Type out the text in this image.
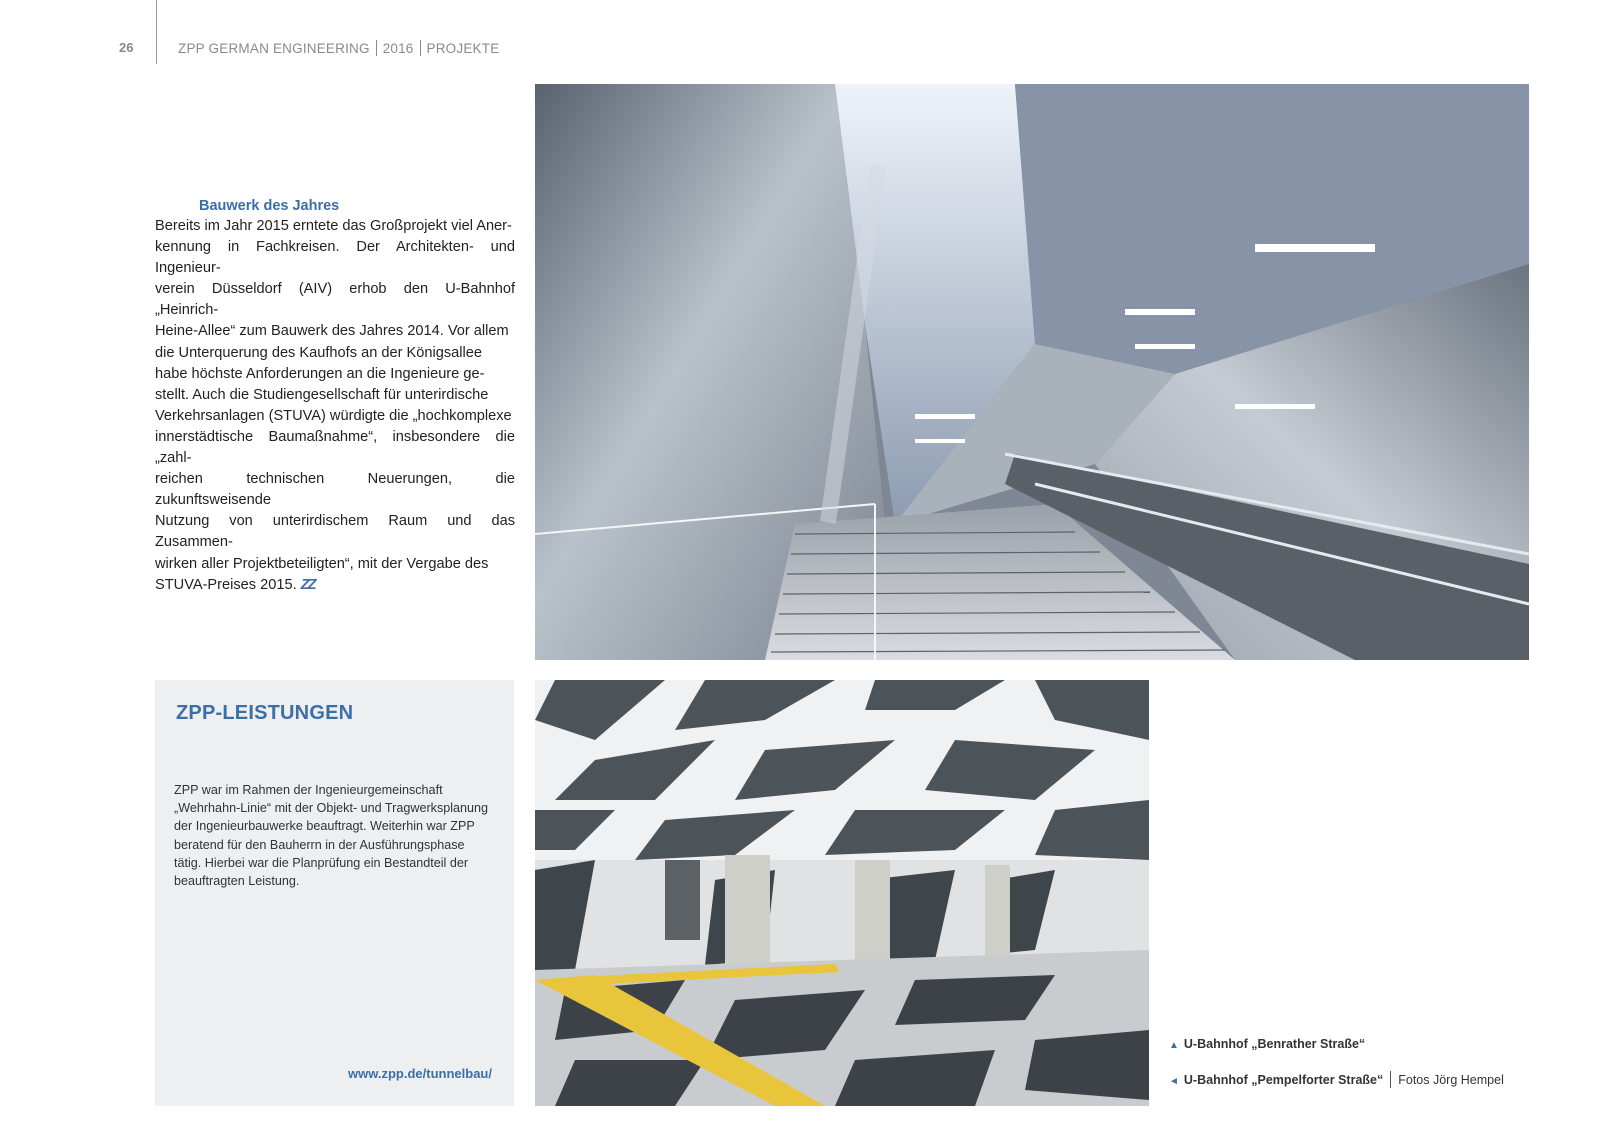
26	ZPP GERMAN ENGINEERING 2016 PROJEKTE
Bauwerk des Jahres

Bereits im Jahr 2015 erntete das Großprojekt viel Aner-
kennung in Fachkreisen. Der Architekten- und Ingenieur-
verein Düsseldorf (AIV) erhob den U-Bahnhof „Heinrich-
Heine-Allee“ zum Bauwerk des Jahres 2014. Vor allem
die Unterquerung des Kaufhofs an der Königsallee
habe höchste Anforderungen an die Ingenieure ge-
stellt. Auch die Studiengesellschaft für unterirdische
Verkehrsanlagen (STUVA) würdigte die „hochkomplexe
innerstädtische Baumaßnahme“, insbesondere die „zahl-
reichen technischen Neuerungen, die zukunftsweisende
Nutzung von unterirdischem Raum und das Zusammen-
wirken aller Projektbeteiligten“, mit der Vergabe des
STUVA-Preises 2015. ZZ

ZPP-LEISTUNGEN

ZPP war im Rahmen der Ingenieurgemeinschaft
„Wehrhahn-Linie“ mit der Objekt- und Tragwerksplanung
der Ingenieurbauwerke beauftragt. Weiterhin war ZPP
beratend für den Bauherrn in der Ausführungsphase
tätig. Hierbei war die Planprüfung ein Bestandteil der
beauftragten Leistung.

www.zpp.de/tunnelbau/
▲ U-Bahnhof „Benrather Straße“
◄ U-Bahnhof „Pempelforter Straße“ Fotos Jörg Hempel
